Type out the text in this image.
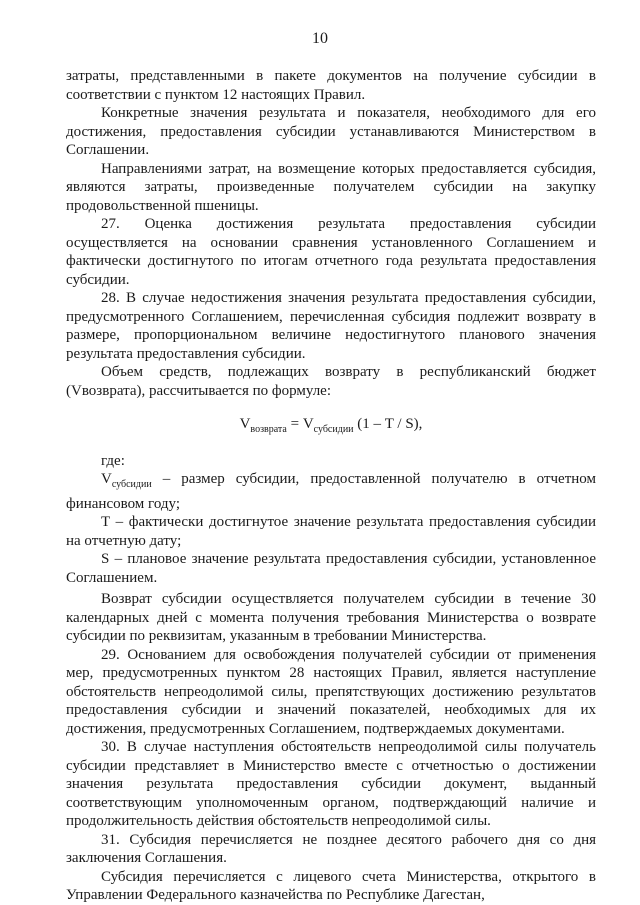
10

затраты, представленными в пакете документов на получение субсидии в соответствии с пунктом 12 настоящих Правил.

Конкретные значения результата и показателя, необходимого для его достижения, предоставления субсидии устанавливаются Министерством в Соглашении.

Направлениями затрат, на возмещение которых предоставляется субсидия, являются затраты, произведенные получателем субсидии на закупку продовольственной пшеницы.

27. Оценка достижения результата предоставления субсидии осуществляется на основании сравнения установленного Соглашением и фактически достигнутого по итогам отчетного года результата предоставления субсидии.

28. В случае недостижения значения результата предоставления субсидии, предусмотренного Соглашением, перечисленная субсидия подлежит возврату в размере, пропорциональном величине недостигнутого планового значения результата предоставления субсидии.

Объем средств, подлежащих возврату в республиканский бюджет (Vвозврата), рассчитывается по формуле:

$V_{возврата} = V_{субсидии}$ (1 – T / S),

где:

$V_{субсидии}$ – размер субсидии, предоставленной получателю в отчетном финансовом году;

T – фактически достигнутое значение результата предоставления субсидии на отчетную дату;

S – плановое значение результата предоставления субсидии, установленное Соглашением.

Возврат субсидии осуществляется получателем субсидии в течение 30 календарных дней с момента получения требования Министерства о возврате субсидии по реквизитам, указанным в требовании Министерства.

29. Основанием для освобождения получателей субсидии от применения мер, предусмотренных пунктом 28 настоящих Правил, является наступление обстоятельств непреодолимой силы, препятствующих достижению результатов предоставления субсидии и значений показателей, необходимых для их достижения, предусмотренных Соглашением, подтверждаемых документами.

30. В случае наступления обстоятельств непреодолимой силы получатель субсидии представляет в Министерство вместе с отчетностью о достижении значения результата предоставления субсидии документ, выданный соответствующим уполномоченным органом, подтверждающий наличие и продолжительность действия обстоятельств непреодолимой силы.

31. Субсидия перечисляется не позднее десятого рабочего дня со дня заключения Соглашения.

Субсидия перечисляется с лицевого счета Министерства, открытого в Управлении Федерального казначейства по Республике Дагестан,
